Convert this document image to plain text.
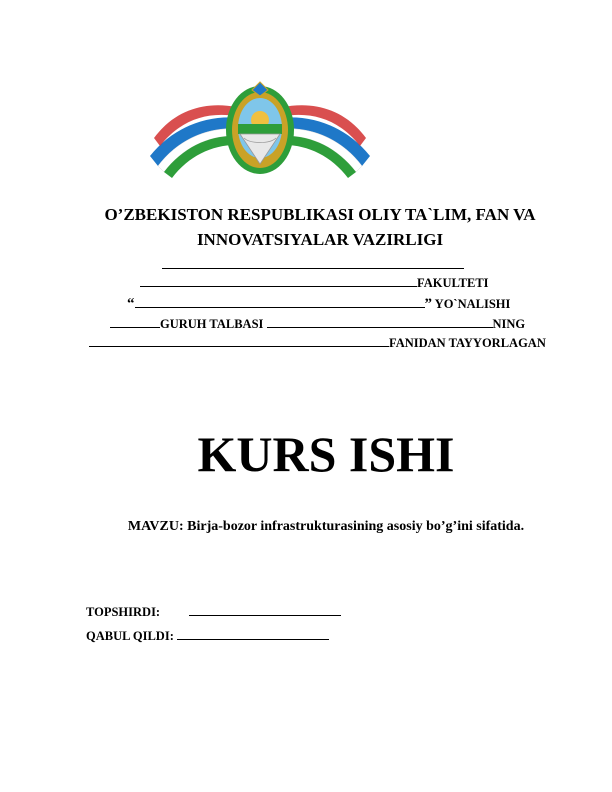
O’ZBEKISTON RESPUBLIKASI OLIY TA`LIM, FAN VA
INNOVATSIYALAR VAZIRLIGI
FAKULTETI
“	” YO`NALISHI
GURUH TALBASI	NING
FANIDAN TAYYORLAGAN
KURS ISHI
MAVZU: Birja-bozor infrastrukturasining asosiy bo’g’ini sifatida.
TOPSHIRDI:
QABUL QILDI:
